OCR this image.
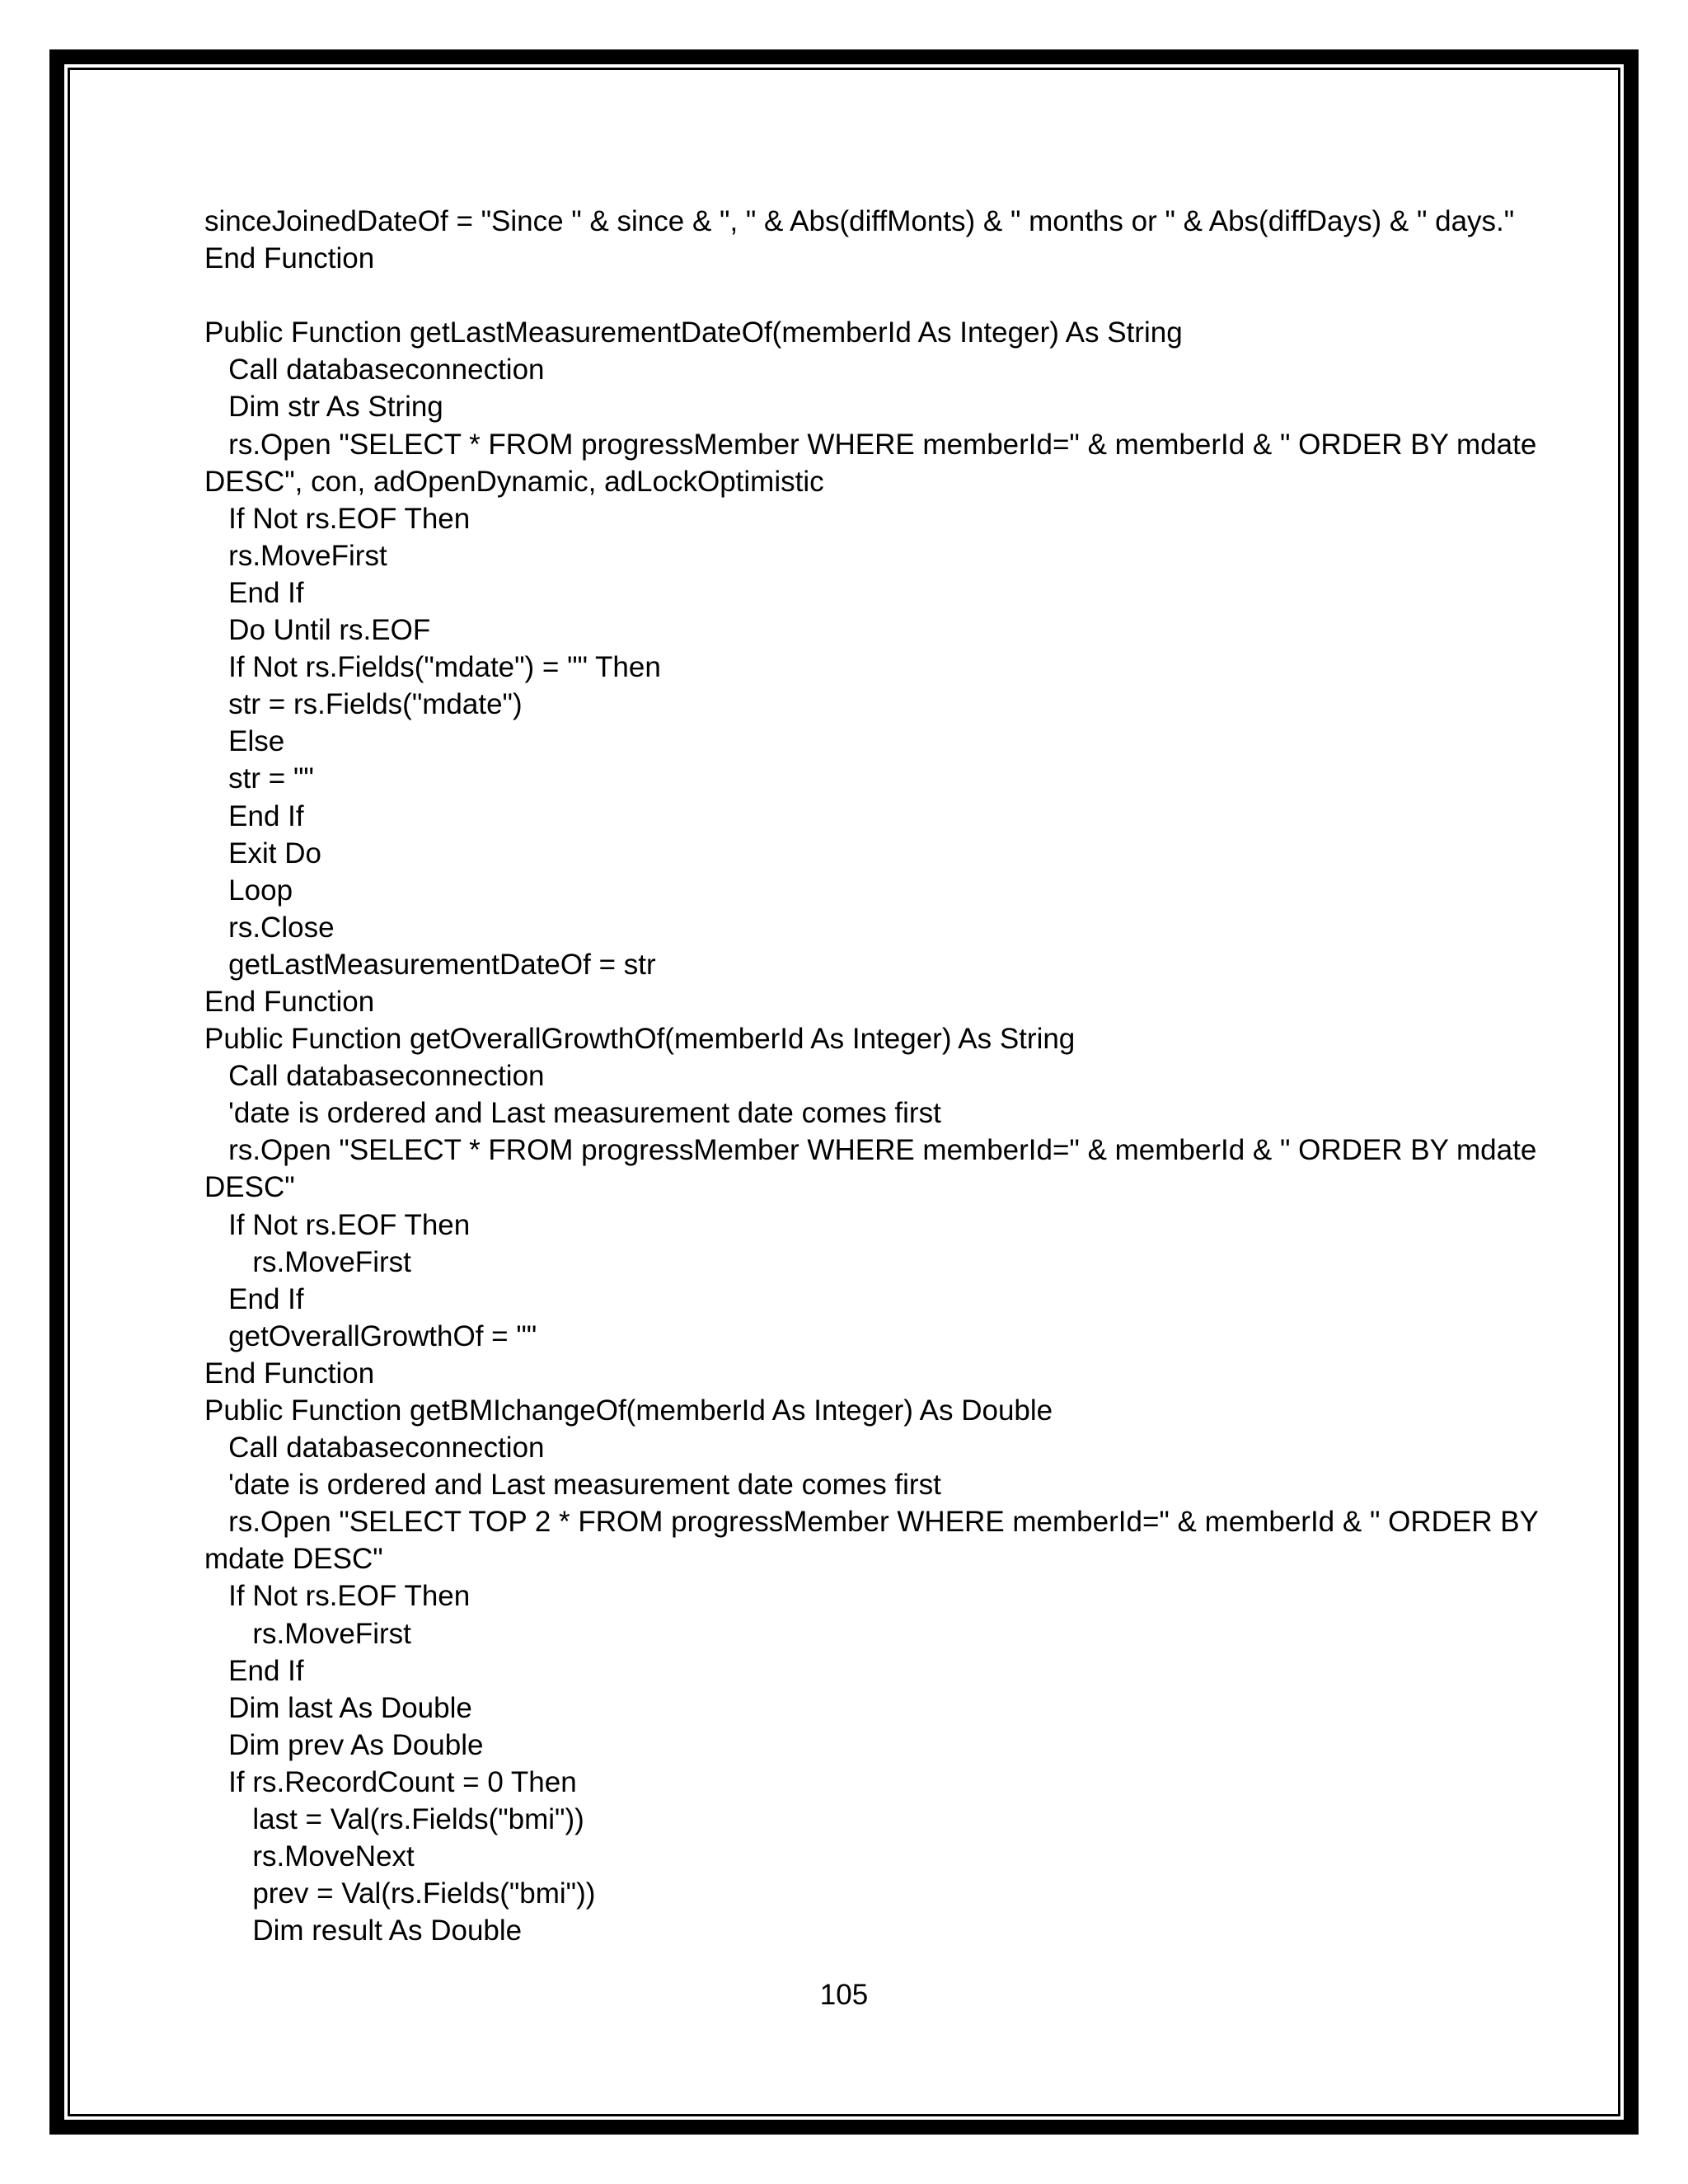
sinceJoinedDateOf = "Since " & since & ", " & Abs(diffMonts) & " months or " & Abs(diffDays) & " days."
End Function
Public Function getLastMeasurementDateOf(memberId As Integer) As String
Call databaseconnection
Dim str As String
rs.Open "SELECT * FROM progressMember WHERE memberId=" & memberId & " ORDER BY mdate
DESC", con, adOpenDynamic, adLockOptimistic
If Not rs.EOF Then
rs.MoveFirst
End If
Do Until rs.EOF
If Not rs.Fields("mdate") = "" Then
str = rs.Fields("mdate")
Else
str = ""
End If
Exit Do
Loop
rs.Close
getLastMeasurementDateOf = str
End Function
Public Function getOverallGrowthOf(memberId As Integer) As String
Call databaseconnection
'date is ordered and Last measurement date comes first
rs.Open "SELECT * FROM progressMember WHERE memberId=" & memberId & " ORDER BY mdate
DESC"
If Not rs.EOF Then
rs.MoveFirst
End If
getOverallGrowthOf = ""
End Function
Public Function getBMIchangeOf(memberId As Integer) As Double
Call databaseconnection
'date is ordered and Last measurement date comes first
rs.Open "SELECT TOP 2 * FROM progressMember WHERE memberId=" & memberId & " ORDER BY
mdate DESC"
If Not rs.EOF Then
rs.MoveFirst
End If
Dim last As Double
Dim prev As Double
If rs.RecordCount = 0 Then
last = Val(rs.Fields("bmi"))
rs.MoveNext
prev = Val(rs.Fields("bmi"))
Dim result As Double
105
